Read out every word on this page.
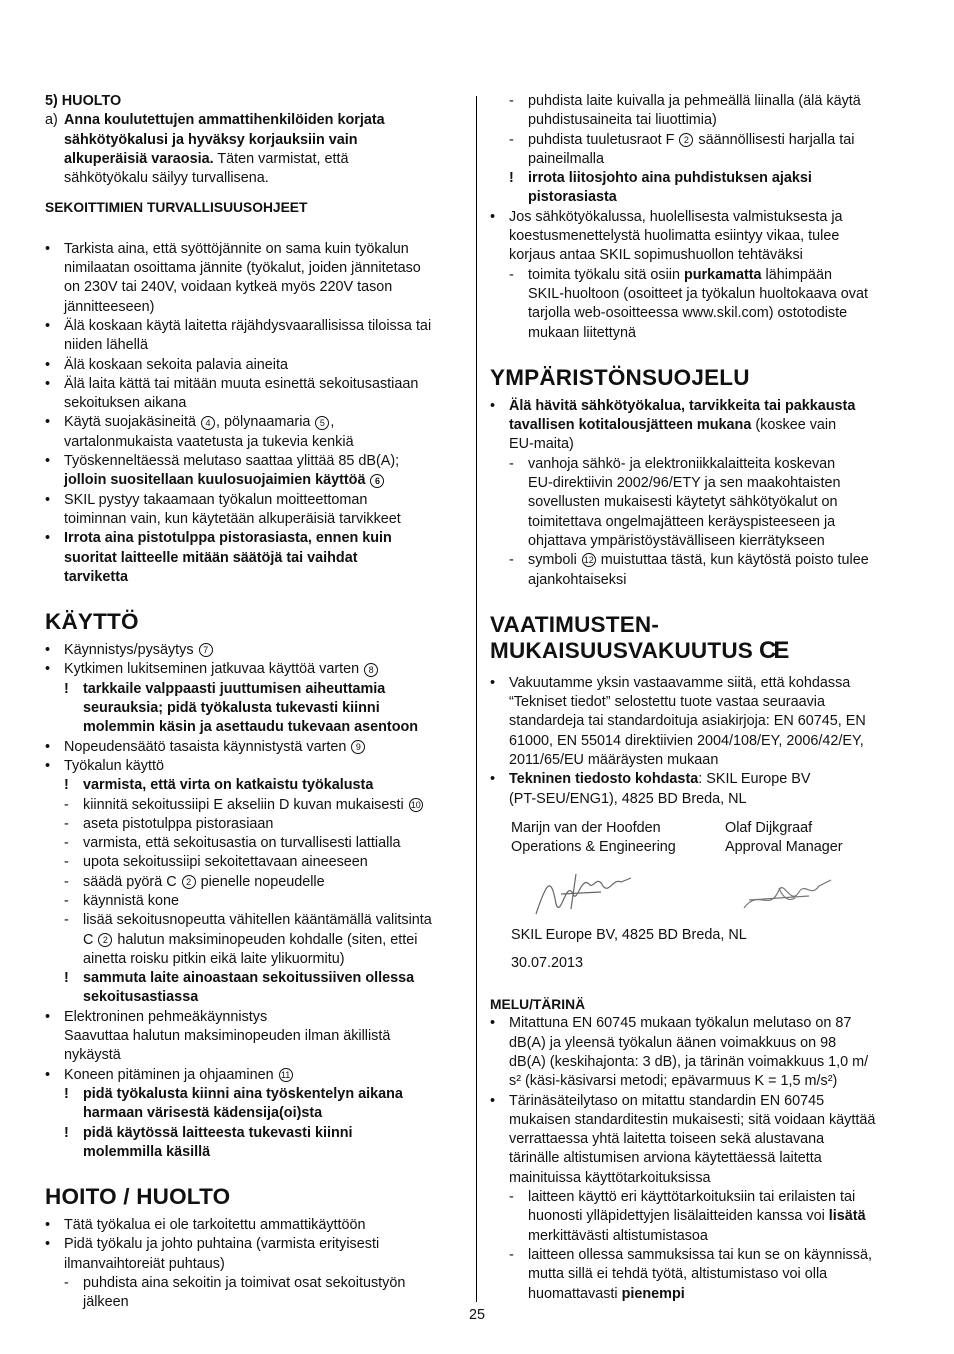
5) HUOLTO
a) Anna koulutettujen ammattihenkilöiden korjata
sähkötyökalusi ja hyväksy korjauksiin vain
alkuperäisiä varaosia. Täten varmistat, että
sähkötyökalu säilyy turvallisena.
SEKOITTIMIEN TURVALLISUUSOHJEET
• Tarkista aina, että syöttöjännite on sama kuin työkalun
nimilaatan osoittama jännite (työkalut, joiden jännitetaso
on 230V tai 240V, voidaan kytkeä myös 220V tason
jännitteeseen)
• Älä koskaan käytä laitetta räjähdysvaarallisissa tiloissa tai
niiden lähellä
• Älä koskaan sekoita palavia aineita
• Älä laita kättä tai mitään muuta esinettä sekoitusastiaan
sekoituksen aikana
• Käytä suojakäsineitä 4 , pölynaamaria 5 ,
vartalonmukaista vaatetusta ja tukevia kenkiä
• Työskenneltäessä melutaso saattaa ylittää 85 dB(A);
jolloin suositellaan kuulosuojaimien käyttöä 6
• SKIL pystyy takaamaan työkalun moitteettoman
toiminnan vain, kun käytetään alkuperäisiä tarvikkeet
• Irrota aina pistotulppa pistorasiasta, ennen kuin
suoritat laitteelle mitään säätöjä tai vaihdat
tarviketta
KÄYTTÖ
• Käynnistys/pysäytys 7
• Kytkimen lukitseminen jatkuvaa käyttöä varten 8
! tarkkaile valppaasti juuttumisen aiheuttamia
seurauksia; pidä työkalusta tukevasti kiinni
molemmin käsin ja asettaudu tukevaan asentoon
• Nopeudensäätö tasaista käynnistystä varten 9
• Työkalun käyttö
! varmista, että virta on katkaistu työkalusta
- kiinnitä sekoitussiipi E akseliin D kuvan mukaisesti 10
- aseta pistotulppa pistorasiaan
- varmista, että sekoitusastia on turvallisesti lattialla
- upota sekoitussiipi sekoitettavaan aineeseen
- säädä pyörä C 2 pienelle nopeudelle
- käynnistä kone
- lisää sekoitusnopeutta vähitellen kääntämällä valitsinta
C 2 halutun maksiminopeuden kohdalle (siten, ettei
ainetta roisku pitkin eikä laite ylikuormitu)
! sammuta laite ainoastaan sekoitussiiven ollessa
sekoitusastiassa
• Elektroninen pehmeäkäynnistys
Saavuttaa halutun maksiminopeuden ilman äkillistä
nykäystä
• Koneen pitäminen ja ohjaaminen 11
! pidä työkalusta kiinni aina työskentelyn aikana
harmaan värisestä kädensija(oi)sta
! pidä käytössä laitteesta tukevasti kiinni
molemmilla käsillä
HOITO / HUOLTO
• Tätä työkalua ei ole tarkoitettu ammattikäyttöön
• Pidä työkalu ja johto puhtaina (varmista erityisesti
ilmanvaihtoreiät puhtaus)
- puhdista aina sekoitin ja toimivat osat sekoitustyön
jälkeen
- puhdista laite kuivalla ja pehmeällä liinalla (älä käytä
puhdistusaineita tai liuottimia)
- puhdista tuuletusraot F 2 säännöllisesti harjalla tai
paineilmalla
! irrota liitosjohto aina puhdistuksen ajaksi
pistorasiasta
• Jos sähkötyökalussa, huolellisesta valmistuksesta ja
koestusmenettelystä huolimatta esiintyy vikaa, tulee
korjaus antaa SKIL sopimushuollon tehtäväksi
- toimita työkalu sitä osiin purkamatta lähimpään
SKIL-huoltoon (osoitteet ja työkalun huoltokaava ovat
tarjolla web-osoitteessa www.skil.com) ostotodiste
mukaan liitettynä
YMPÄRISTÖNSUOJELU
• Älä hävitä sähkötyökalua, tarvikkeita tai pakkausta
tavallisen kotitalousjätteen mukana (koskee vain
EU-maita)
- vanhoja sähkö- ja elektroniikkalaitteita koskevan
EU-direktiivin 2002/96/ETY ja sen maakohtaisten
sovellusten mukaisesti käytetyt sähkötyökalut on
toimitettava ongelmajätteen keräyspisteeseen ja
ohjattava ympäristöystävälliseen kierrätykseen
- symboli 12 muistuttaa tästä, kun käytöstä poisto tulee
ajankohtaiseksi
VAATIMUSTEN-
MUKAISUUSVAKUUTUS CE
• Vakuutamme yksin vastaavamme siitä, että kohdassa
“Tekniset tiedot” selostettu tuote vastaa seuraavia
standardeja tai standardoituja asiakirjoja: EN 60745, EN
61000, EN 55014 direktiivien 2004/108/EY, 2006/42/EY,
2011/65/EU määräysten mukaan
• Tekninen tiedosto kohdasta: SKIL Europe BV
(PT-SEU/ENG1), 4825 BD Breda, NL
Marijn van der Hoofden	Olaf Dijkgraaf
Operations & Engineering	Approval Manager
SKIL Europe BV, 4825 BD Breda, NL
30.07.2013
MELU/TÄRINÄ
• Mitattuna EN 60745 mukaan työkalun melutaso on 87
dB(A) ja yleensä työkalun äänen voimakkuus on 98
dB(A) (keskihajonta: 3 dB), ja tärinän voimakkuus 1,0 m/
s² (käsi-käsivarsi metodi; epävarmuus K = 1,5 m/s²)
• Tärinäsäteilytaso on mitattu standardin EN 60745
mukaisen standarditestin mukaisesti; sitä voidaan käyttää
verrattaessa yhtä laitetta toiseen sekä alustavana
tärinälle altistumisen arviona käytettäessä laitetta
mainituissa käyttötarkoituksissa
- laitteen käyttö eri käyttötarkoituksiin tai erilaisten tai
huonosti ylläpidettyjen lisälaitteiden kanssa voi lisätä
merkittävästi altistumistasoa
- laitteen ollessa sammuksissa tai kun se on käynnissä,
mutta sillä ei tehdä työtä, altistumistaso voi olla
huomattavasti pienempi
25
